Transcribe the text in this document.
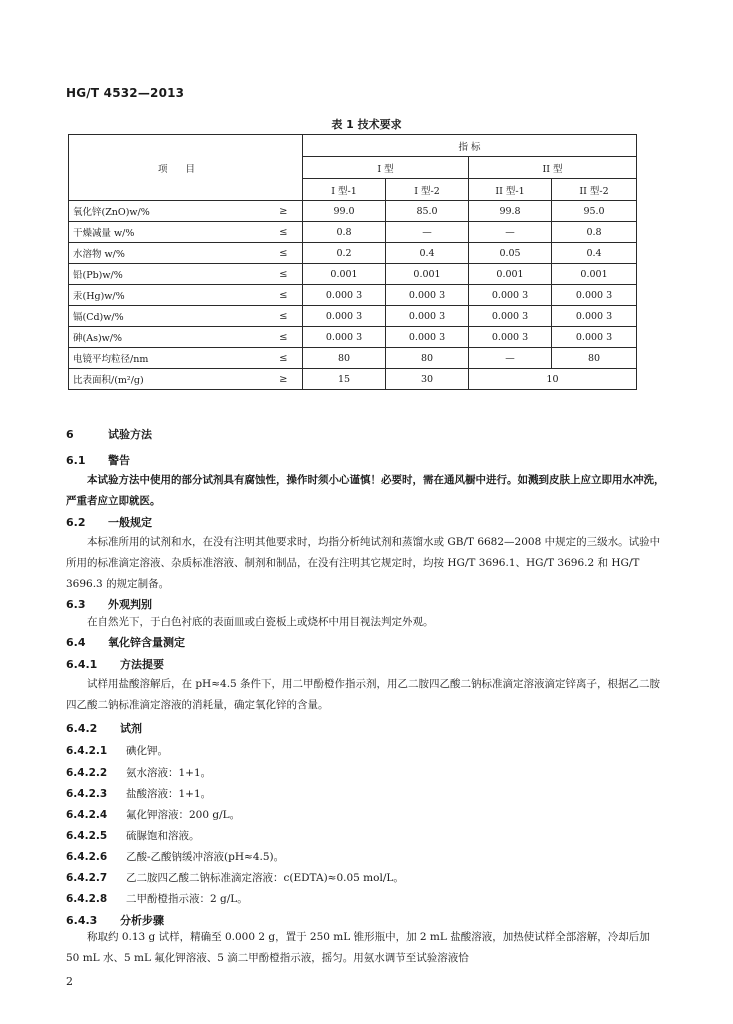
HG/T 4532—2013
表 1 技术要求
项目		指 标			
		I 型		II 型	
		I 型-1	I 型-2	II 型-1	II 型-2
氧化锌(ZnO)w/%	≥	99.0	85.0	99.8	95.0
干燥减量 w/%	≤	0.8	—	—	0.8
水溶物 w/%	≤	0.2	0.4	0.05	0.4
铅(Pb)w/%	≤	0.001	0.001	0.001	0.001
汞(Hg)w/%	≤	0.000 3	0.000 3	0.000 3	0.000 3
镉(Cd)w/%	≤	0.000 3	0.000 3	0.000 3	0.000 3
砷(As)w/%	≤	0.000 3	0.000 3	0.000 3	0.000 3
电镜平均粒径/nm	≤	80	80	—	80
比表面积/(m²/g)	≥	15	30	10	
6	试验方法
6.1 警告
本试验方法中使用的部分试剂具有腐蚀性，操作时须小心谨慎！必要时，需在通风橱中进行。如溅到皮肤上应立即用水冲洗，严重者应立即就医。
6.2 一般规定
本标准所用的试剂和水，在没有注明其他要求时，均指分析纯试剂和蒸馏水或 GB/T 6682—2008 中规定的三级水。试验中所用的标准滴定溶液、杂质标准溶液、制剂和制品，在没有注明其它规定时，均按 HG/T 3696.1、HG/T 3696.2 和 HG/T 3696.3 的规定制备。
6.3 外观判别
在自然光下，于白色衬底的表面皿或白瓷板上或烧杯中用目视法判定外观。
6.4 氧化锌含量测定
6.4.1 方法提要
试样用盐酸溶解后，在 pH≈4.5 条件下，用二甲酚橙作指示剂，用乙二胺四乙酸二钠标准滴定溶液滴定锌离子，根据乙二胺四乙酸二钠标准滴定溶液的消耗量，确定氧化锌的含量。
6.4.2 试剂
6.4.2.1 碘化钾。
6.4.2.2 氨水溶液：1+1。
6.4.2.3 盐酸溶液：1+1。
6.4.2.4 氟化钾溶液：200 g/L。
6.4.2.5 硫脲饱和溶液。
6.4.2.6 乙酸-乙酸钠缓冲溶液(pH≈4.5)。
6.4.2.7 乙二胺四乙酸二钠标准滴定溶液：c(EDTA)≈0.05 mol/L。
6.4.2.8 二甲酚橙指示液：2 g/L。
6.4.3 分析步骤
称取约 0.13 g 试样，精确至 0.000 2 g，置于 250 mL 锥形瓶中，加 2 mL 盐酸溶液，加热使试样全部溶解，冷却后加 50 mL 水、5 mL 氟化钾溶液、5 滴二甲酚橙指示液，摇匀。用氨水调节至试验溶液恰
2
